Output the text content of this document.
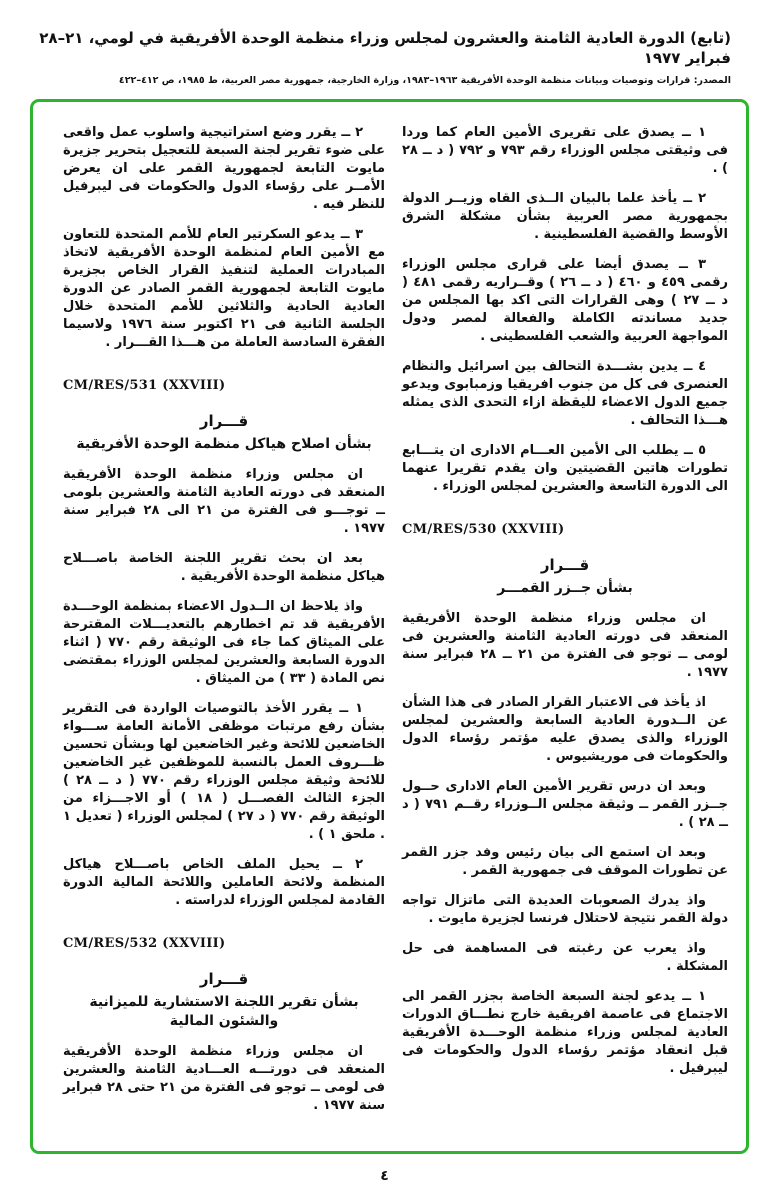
(تابع) الدورة العادية الثامنة والعشرون لمجلس وزراء منظمة الوحدة الأفريقية في لومي، ٢١–٢٨ فبراير ١٩٧٧
المصدر: قرارات وتوصيات وبيانات منظمة الوحدة الأفريقية ١٩٦٣–١٩٨٣، وزارة الخارجية، جمهورية مصر العربية، ط ١٩٨٥، ص ٤١٢–٤٢٢
١ ــ يصدق على تقريرى الأمين العام كما وردا فى وثيقتى مجلس الوزراء رقم ٧٩٣ و ٧٩٢ ( د ــ ٢٨ ) .
٢ ــ يأخذ علما بالبيان الــذى القاه وزيــر الدولة بجمهورية مصر العربية بشأن مشكلة الشرق الأوسط والقضية الفلسطينية .
٣ ــ يصدق أيضا على قرارى مجلس الوزراء رقمى ٤٥٩ و ٤٦٠ ( د ــ ٢٦ ) وقــراريه رقمى ٤٨١ ( د ــ ٢٧ ) وهى القرارات التى اكد بها المجلس من جديد مساندته الكاملة والفعالة لمصر ودول المواجهة العربية والشعب الفلسطينى .
٤ ــ يدين بشـــدة التحالف بين اسرائيل والنظام العنصرى فى كل من جنوب افريقيا وزمبابوى ويدعو جميع الدول الاعضاء لليقظة ازاء التحدى الذى يمثله هـــذا التحالف .
٥ ــ يطلب الى الأمين العـــام الادارى ان يتـــابع تطورات هاتين القضيتين وان يقدم تقريرا عنهما الى الدورة التاسعة والعشرين لمجلس الوزراء .
CM/RES/530 (XXVIII)
قـــرار
بشأن جــزر القمـــر
ان مجلس وزراء منظمة الوحدة الأفريقية المنعقد فى دورته العادية الثامنة والعشرين فى لومى ــ توجو فى الفترة من ٢١ ــ ٢٨ فبراير سنة ١٩٧٧ .
اذ يأخذ فى الاعتبار القرار الصادر فى هذا الشأن عن الــدورة العادية السابعة والعشرين لمجلس الوزراء والذى يصدق عليه مؤتمر رؤساء الدول والحكومات فى موريشيوس .
وبعد ان درس تقرير الأمين العام الادارى حــول جــزر القمر ــ وثيقة مجلس الــوزراء رقــم ٧٩١ ( د ــ ٢٨ ) .
وبعد ان استمع الى بيان رئيس وفد جزر القمر عن تطورات الموقف فى جمهورية القمر .
واذ يدرك الصعوبات العديدة التى ماتزال تواجه دولة القمر نتيجة لاحتلال فرنسا لجزيرة مايوت .
واذ يعرب عن رغبته فى المساهمة فى حل المشكلة .
١ ــ يدعو لجنة السبعة الخاصة بجزر القمر الى الاجتماع فى عاصمة افريقية خارج نطـــاق الدورات العادية لمجلس وزراء منظمة الوحـــدة الأفريقية قبل انعقاد مؤتمر رؤساء الدول والحكومات فى ليبرفيل .
٢ ــ يقرر وضع استراتيجية واسلوب عمل واقعى على ضوء تقرير لجنة السبعة للتعجيل بتحرير جزيرة مايوت التابعة لجمهورية القمر على ان يعرض الأمــر على رؤساء الدول والحكومات فى ليبرفيل للنظر فيه .
٣ ــ يدعو السكرتير العام للأمم المتحدة للتعاون مع الأمين العام لمنظمة الوحدة الأفريقية لاتخاذ المبادرات العملية لتنفيذ القرار الخاص بجزيرة مايوت التابعة لجمهورية القمر الصادر عن الدورة العادية الحادية والثلاثين للأمم المتحدة خلال الجلسة الثانية فى ٢١ اكتوبر سنة ١٩٧٦ ولاسيما الفقرة السادسة العاملة من هـــذا القـــرار .
CM/RES/531 (XXVIII)
قـــرار
بشأن اصلاح هياكل منظمة الوحدة الأفريقية
ان مجلس وزراء منظمة الوحدة الأفريقية المنعقد فى دورته العادية الثامنة والعشرين بلومى ــ توجـــو فى الفترة من ٢١ الى ٢٨ فبراير سنة ١٩٧٧ .
بعد ان بحث تقرير اللجنة الخاصة باصـــلاح هياكل منظمة الوحدة الأفريقية .
واذ يلاحظ ان الــدول الاعضاء بمنظمة الوحـــدة الأفريقية قد تم اخطارهم بالتعديـــلات المقترحة على الميثاق كما جاء فى الوثيقة رقم ٧٧٠ ( اثناء الدورة السابعة والعشرين لمجلس الوزراء بمقتضى نص المادة ( ٣٣ ) من الميثاق .
١ ــ يقرر الأخذ بالتوصيات الواردة فى التقرير بشأن رفع مرتبات موظفى الأمانة العامة ســـواء الخاضعين للائحة وغير الخاضعين لها وبشأن تحسين ظـــروف العمل بالنسبة للموظفين غير الخاضعين للائحة وثيقة مجلس الوزراء رقم ٧٧٠ ( د ــ ٢٨ ) الجزء الثالث الفصـــل ( ١٨ ) أو الاجـــزاء من الوثيقة رقم ٧٧٠ ( د ٢٧ ) لمجلس الوزراء ( تعديل ١ . ملحق ١ ) .
٢ ــ يحيل الملف الخاص باصـــلاح هياكل المنظمة ولائحة العاملين واللائحة المالية الدورة القادمة لمجلس الوزراء لدراسته .
CM/RES/532 (XXVIII)
قـــرار
بشأن تقرير اللجنة الاستشارية للميزانية والشئون المالية
ان مجلس وزراء منظمة الوحدة الأفريقية المنعقد فى دورتـــه العـــادية الثامنة والعشرين فى لومى ــ توجو فى الفترة من ٢١ حتى ٢٨ فبراير سنة ١٩٧٧ .
٤
